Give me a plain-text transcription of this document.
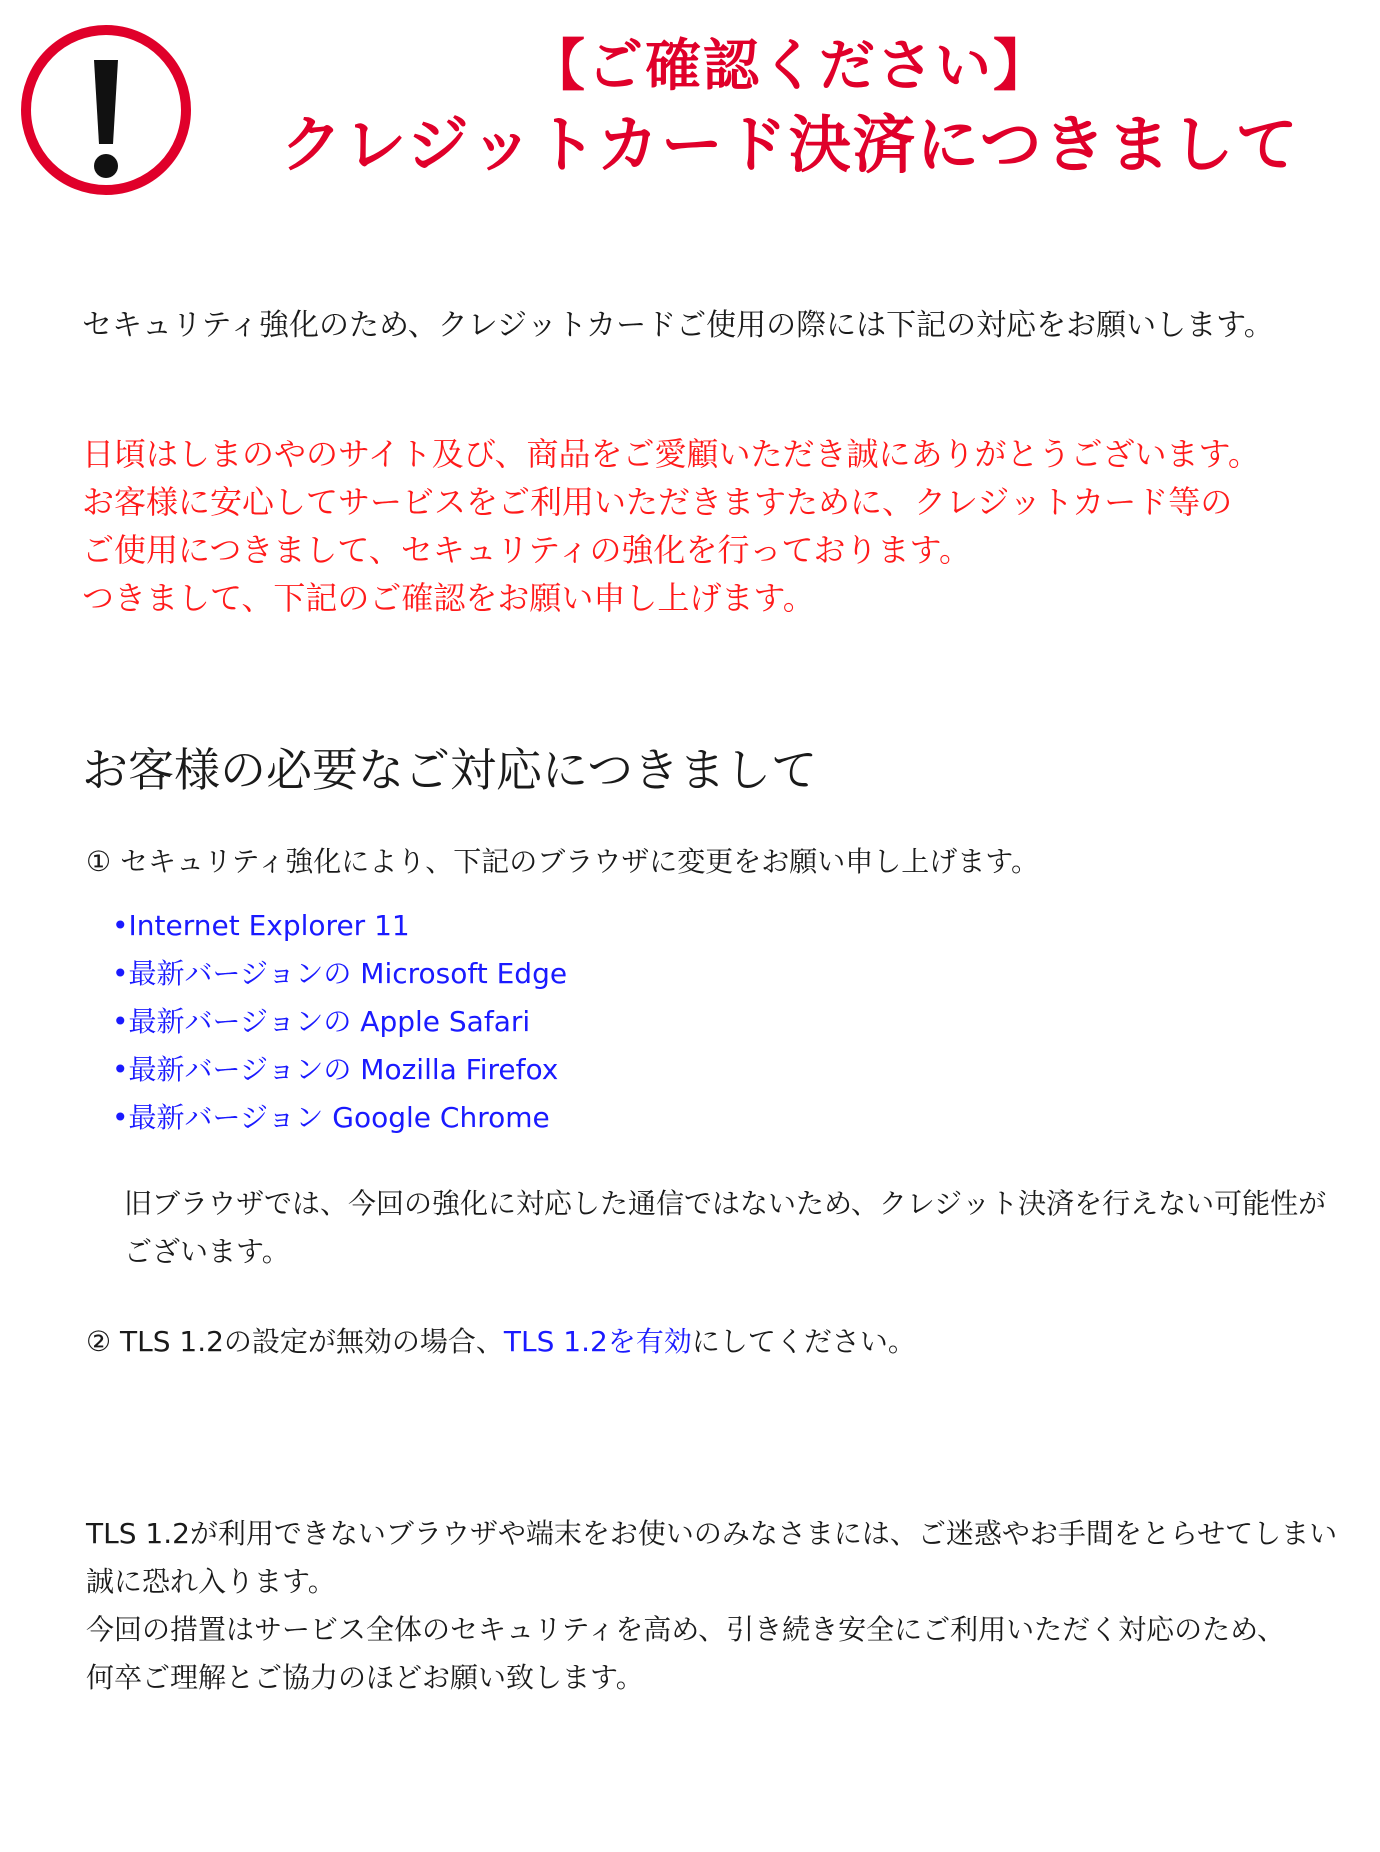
【ご確認ください】
クレジットカード決済につきまして
セキュリティ強化のため、クレジットカードご使用の際には下記の対応をお願いします。
日頃はしまのやのサイト及び、商品をご愛顧いただき誠にありがとうございます。
お客様に安心してサービスをご利用いただきますために、クレジットカード等の
ご使用につきまして、セキュリティの強化を行っております。
つきまして、下記のご確認をお願い申し上げます。
お客様の必要なご対応につきまして
① セキュリティ強化により、下記のブラウザに変更をお願い申し上げます。
•Internet Explorer 11
•最新バージョンの Microsoft Edge
•最新バージョンの Apple Safari
•最新バージョンの Mozilla Firefox
•最新バージョン Google Chrome
旧ブラウザでは、今回の強化に対応した通信ではないため、クレジット決済を行えない可能性が
ございます。
② TLS 1.2の設定が無効の場合、TLS 1.2を有効にしてください。
TLS 1.2が利用できないブラウザや端末をお使いのみなさまには、ご迷惑やお手間をとらせてしまい
誠に恐れ入ります。
今回の措置はサービス全体のセキュリティを高め、引き続き安全にご利用いただく対応のため、
何卒ご理解とご協力のほどお願い致します。
